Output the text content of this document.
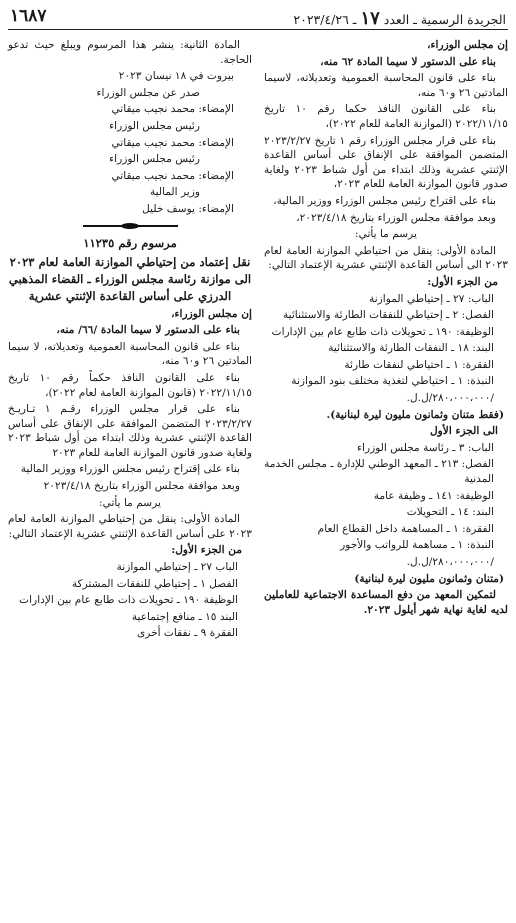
الجريدة الرسمية ـ العدد ١٧ ـ ٢٠٢٣/٤/٢٦
١٦٨٧

إن مجلس الوزراء،

بناء على الدستور لا سيما المادة ٦٢ منه،

بناء على قانون المحاسبة العمومية وتعديلاته، لاسيما المادتين ٢٦ و٦٠ منه،

بناء على القانون النافذ حكما رقم ١٠ تاريخ ٢٠٢٢/١١/١٥ (الموازنة العامة للعام ٢٠٢٢)،

بناء على قرار مجلس الوزراء رقم ١ تاريخ ٢٠٢٣/٢/٢٧ المتضمن الموافقة على الإنفاق على أساس القاعدة الإثنتي عشرية وذلك ابتداء من أول شباط ٢٠٢٣ ولغاية صدور قانون الموازنة العامة للعام ٢٠٢٣،

بناء على اقتراح رئيس مجلس الوزراء ووزير المالية،

وبعد موافقة مجلس الوزراء بتاريخ ٢٠٢٣/٤/١٨،

يرسم ما يأتي:

المادة الأولى: ينقل من احتياطي الموازنة العامة لعام ٢٠٢٣ الى أساس القاعدة الإثنتي عشرية الإعتماد التالي:

من الجزء الأول:

الباب: ٢٧ ـ إحتياطي الموازنة

الفصل: ٢ ـ إحتياطي للنفقات الطارئة والاستثنائية

الوظيفة: ١٩٠ ـ تحويلات ذات طابع عام بين الإدارات

البند: ١٨ ـ النفقات الطارئة والاستثنائية

الفقرة: ١ ـ احتياطي لنفقات طارئة

النبذة: ١ ـ احتياطي لتغذية مختلف بنود الموازنة

/٢٨٠،٠٠٠،٠٠٠/ل.ل.

(فقط متنان وثمانون مليون ليرة لبنانية).

الى الجزء الأول

الباب: ٣ ـ رئاسة مجلس الوزراء

الفصل: ٢١٣ ـ المعهد الوطني للإدارة ـ مجلس الخدمة المدنية

الوظيفة: ١٤١ ـ وظيفة عامة

البند: ١٤ ـ التحويلات

الفقرة: ١ ـ المساهمة داخل القطاع العام

النبذة: ١ ـ مساهمة للرواتب والأجور

/٢٨٠،٠٠٠،٠٠٠/ل.ل.

(متنان وثمانون مليون ليرة لبنانية)

لتمكين المعهد من دفع المساعدة الاجتماعية للعاملين لديه لغاية نهاية شهر أيلول ٢٠٢٣.

المادة الثانية: ينشر هذا المرسوم ويبلغ حيث تدعو الحاجة.

بيروت في ١٨ نيسان ٢٠٢٣

صدر عن مجلس الوزراء

الإمضاء: محمد نجيب ميقاتي

رئيس مجلس الوزراء

الإمضاء: محمد نجيب ميقاتي

رئيس مجلس الوزراء

الإمضاء: محمد نجيب ميقاتي

وزير المالية

الإمضاء: يوسف خليل

مرسوم رقم ١١٢٣٥

نقل إعتماد من إحتياطي الموازنة العامة لعام ٢٠٢٣ الى موازنة رئاسة مجلس الوزراء ـ القضاء المذهبي الدرزي على أساس القاعدة الإثنتي عشرية

إن مجلس الوزراء،

بناء على الدستور لا سيما المادة /٦٦/ منه،

بناء على قانون المحاسبة العمومية وتعديلاته، لا سيما المادتين ٢٦ و٦٠ منه،

بناء على القانون النافذ حكماً رقم ١٠ تاريخ ٢٠٢٢/١١/١٥ (قانون الموازنة العامة لعام ٢٠٢٢)،

بناء على قرار مجلس الوزراء رقـم ١ تـاريـخ ٢٠٢٣/٢/٢٧ المتضمن الموافقة على الإنفاق على أساس القاعدة الإثنتي عشرية وذلك ابتداء من أول شباط ٢٠٢٣ ولغاية صدور قانون الموازنة العامة للعام ٢٠٢٣

بناء على إقتراح رئيس مجلس الوزراء ووزير المالية

وبعد موافقة مجلس الوزراء بتاريخ ٢٠٢٣/٤/١٨

يرسم ما يأتي:

المادة الأولى: ينقل من إحتياطي الموازنة العامة لعام ٢٠٢٣ على أساس القاعدة الإثنتي عشرية الإعتماد التالي:

من الجزء الأول:

الباب ٢٧ ـ إحتياطي الموازنة

الفصل ١ ـ إحتياطي للنفقات المشتركة

الوظيفة ١٩٠ ـ تحويلات ذات طابع عام بين الإدارات

البند ١٥ ـ منافع إجتماعية

الفقرة ٩ ـ نفقات أخرى
